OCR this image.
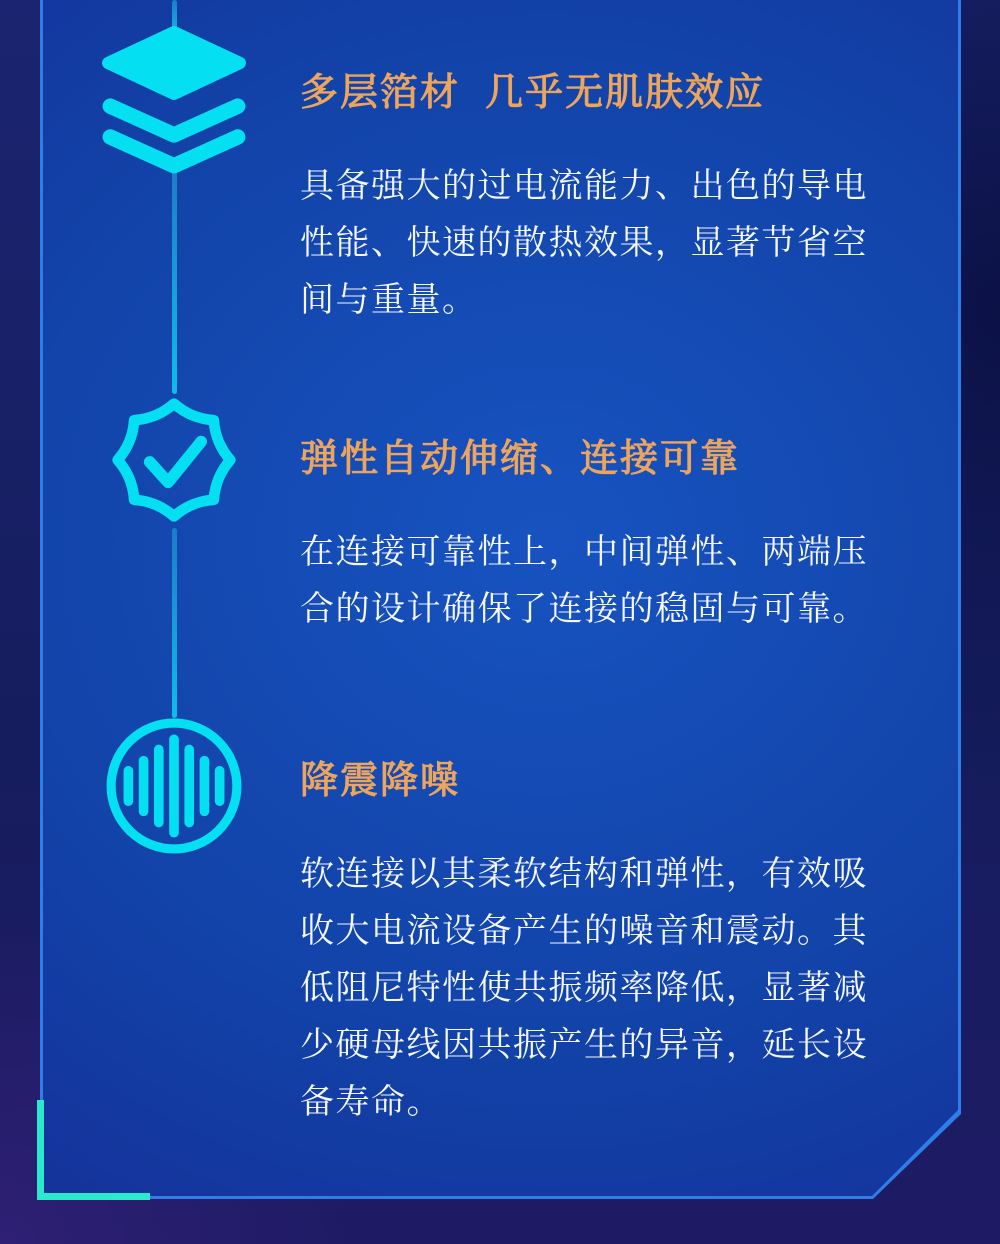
多层箔材  几乎无肌肤效应
具备强大的过电流能力、出色的导电
性能、快速的散热效果，显著节省空
间与重量。
弹性自动伸缩、连接可靠
在连接可靠性上，中间弹性、两端压
合的设计确保了连接的稳固与可靠。
降震降噪
软连接以其柔软结构和弹性，有效吸
收大电流设备产生的噪音和震动。其
低阻尼特性使共振频率降低，显著减
少硬母线因共振产生的异音，延长设
备寿命。
